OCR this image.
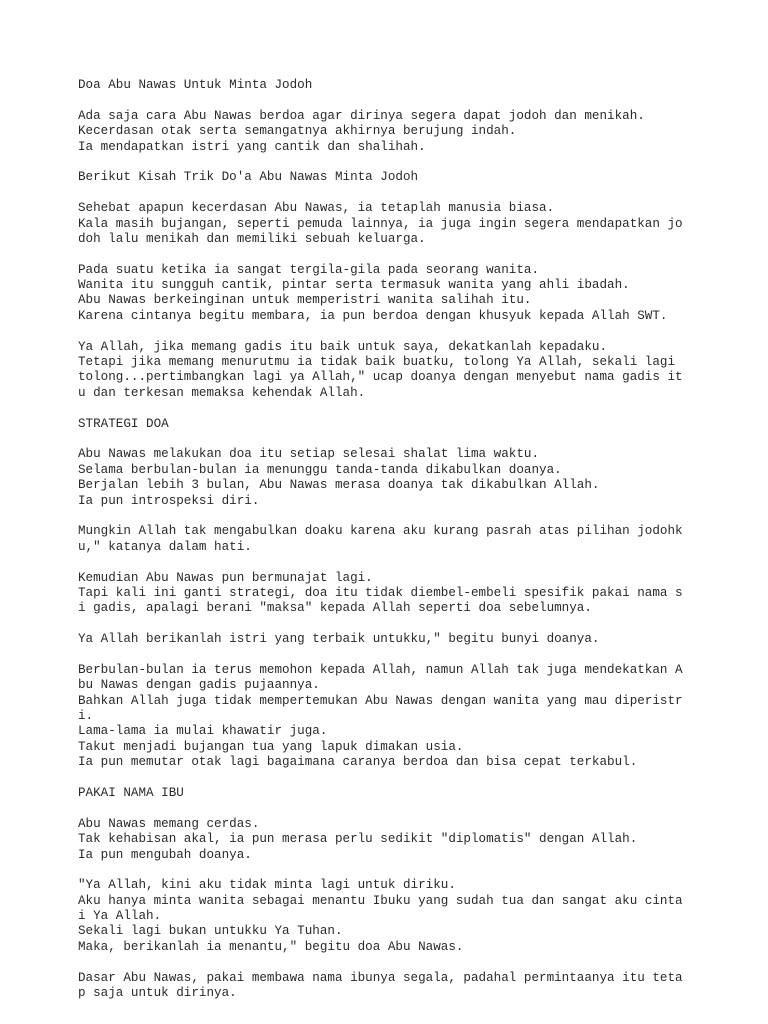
Doa Abu Nawas Untuk Minta Jodoh
Ada saja cara Abu Nawas berdoa agar dirinya segera dapat jodoh dan menikah.
Kecerdasan otak serta semangatnya akhirnya berujung indah.
Ia mendapatkan istri yang cantik dan shalihah.
Berikut Kisah Trik Do'a Abu Nawas Minta Jodoh
Sehebat apapun kecerdasan Abu Nawas, ia tetaplah manusia biasa.
Kala masih bujangan, seperti pemuda lainnya, ia juga ingin segera mendapatkan jo
doh lalu menikah dan memiliki sebuah keluarga.
Pada suatu ketika ia sangat tergila-gila pada seorang wanita.
Wanita itu sungguh cantik, pintar serta termasuk wanita yang ahli ibadah.
Abu Nawas berkeinginan untuk memperistri wanita salihah itu.
Karena cintanya begitu membara, ia pun berdoa dengan khusyuk kepada Allah SWT.
Ya Allah, jika memang gadis itu baik untuk saya, dekatkanlah kepadaku.
Tetapi jika memang menurutmu ia tidak baik buatku, tolong Ya Allah, sekali lagi
tolong...pertimbangkan lagi ya Allah," ucap doanya dengan menyebut nama gadis it
u dan terkesan memaksa kehendak Allah.
STRATEGI DOA
Abu Nawas melakukan doa itu setiap selesai shalat lima waktu.
Selama berbulan-bulan ia menunggu tanda-tanda dikabulkan doanya.
Berjalan lebih 3 bulan, Abu Nawas merasa doanya tak dikabulkan Allah.
Ia pun introspeksi diri.
Mungkin Allah tak mengabulkan doaku karena aku kurang pasrah atas pilihan jodohk
u," katanya dalam hati.
Kemudian Abu Nawas pun bermunajat lagi.
Tapi kali ini ganti strategi, doa itu tidak diembel-embeli spesifik pakai nama s
i gadis, apalagi berani "maksa" kepada Allah seperti doa sebelumnya.
Ya Allah berikanlah istri yang terbaik untukku," begitu bunyi doanya.
Berbulan-bulan ia terus memohon kepada Allah, namun Allah tak juga mendekatkan A
bu Nawas dengan gadis pujaannya.
Bahkan Allah juga tidak mempertemukan Abu Nawas dengan wanita yang mau diperistr
i.
Lama-lama ia mulai khawatir juga.
Takut menjadi bujangan tua yang lapuk dimakan usia.
Ia pun memutar otak lagi bagaimana caranya berdoa dan bisa cepat terkabul.
PAKAI NAMA IBU
Abu Nawas memang cerdas.
Tak kehabisan akal, ia pun merasa perlu sedikit "diplomatis" dengan Allah.
Ia pun mengubah doanya.
"Ya Allah, kini aku tidak minta lagi untuk diriku.
Aku hanya minta wanita sebagai menantu Ibuku yang sudah tua dan sangat aku cinta
i Ya Allah.
Sekali lagi bukan untukku Ya Tuhan.
Maka, berikanlah ia menantu," begitu doa Abu Nawas.
Dasar Abu Nawas, pakai membawa nama ibunya segala, padahal permintaanya itu teta
p saja untuk dirinya.
